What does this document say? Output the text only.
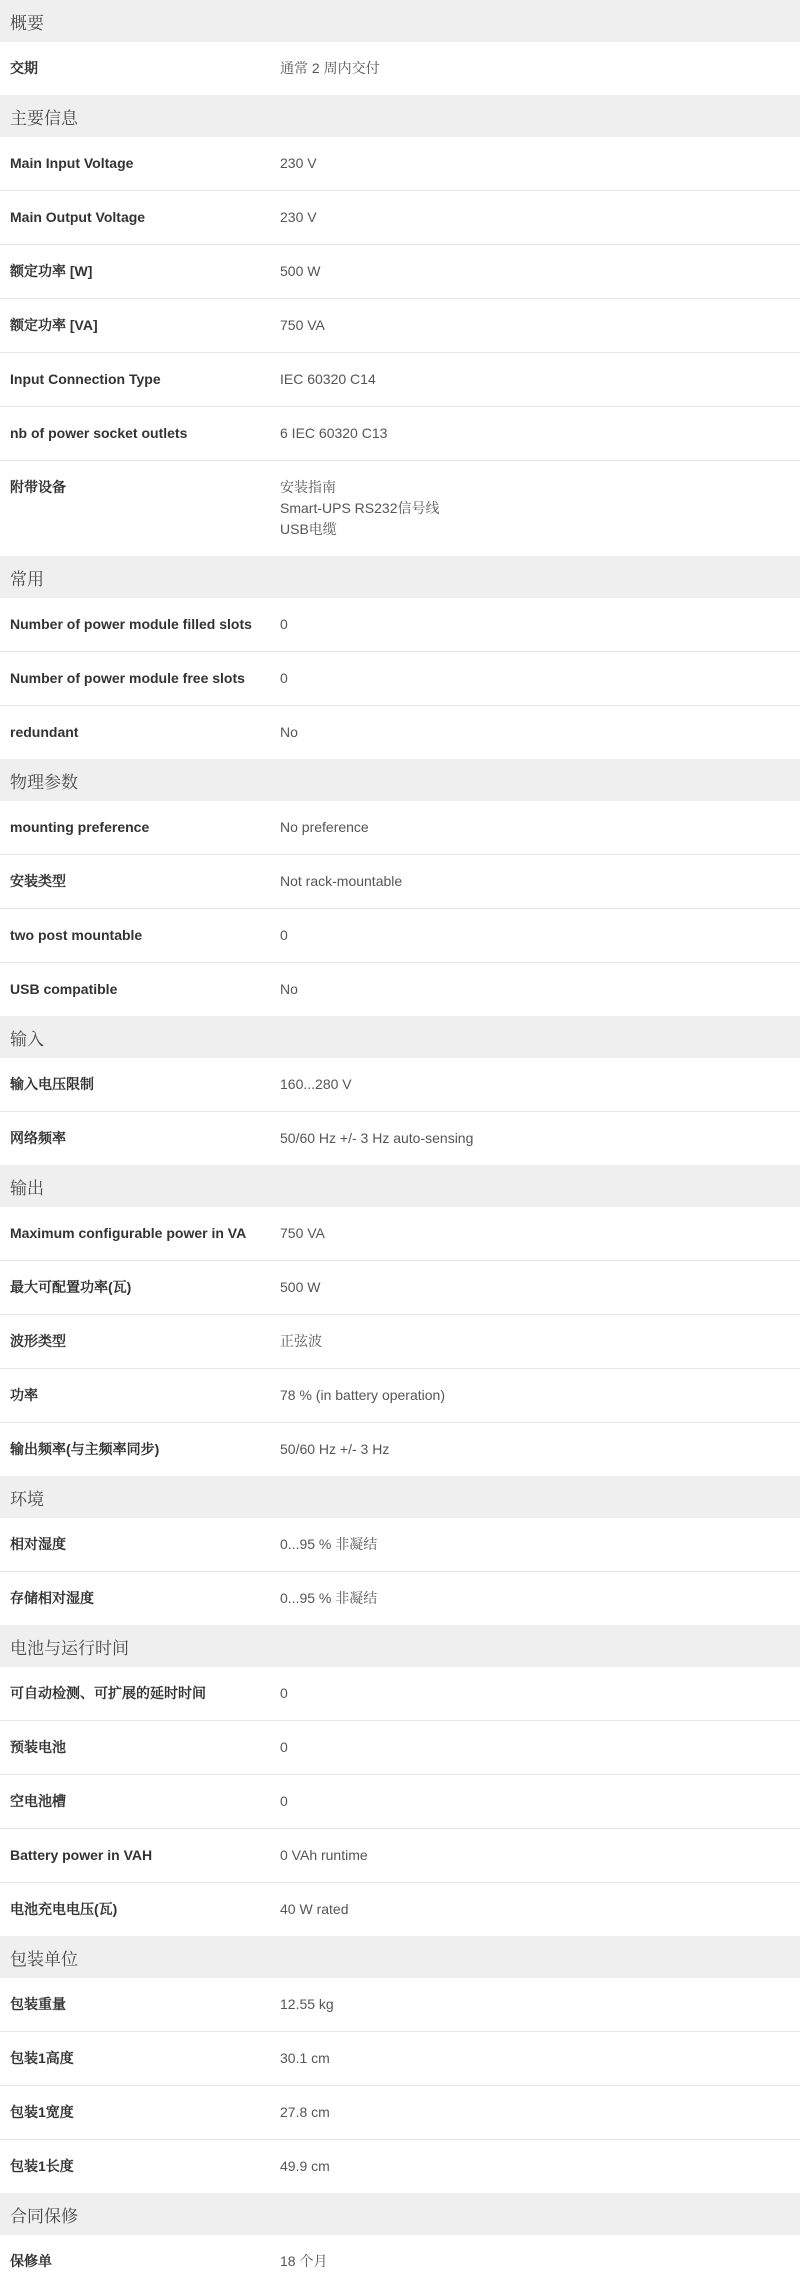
概要
交期	通常 2 周内交付
主要信息
Main Input Voltage	230 V
Main Output Voltage	230 V
额定功率 [W]	500 W
额定功率 [VA]	750 VA
Input Connection Type	IEC 60320 C14
nb of power socket outlets	6 IEC 60320 C13
附带设备	安装指南
Smart-UPS RS232信号线
USB电缆
常用
Number of power module filled slots	0
Number of power module free slots	0
redundant	No
物理参数
mounting preference	No preference
安装类型	Not rack-mountable
two post mountable	0
USB compatible	No
输入
输入电压限制	160...280 V
网络频率	50/60 Hz +/- 3 Hz auto-sensing
输出
Maximum configurable power in VA	750 VA
最大可配置功率(瓦)	500 W
波形类型	正弦波
功率	78 % (in battery operation)
输出频率(与主频率同步)	50/60 Hz +/- 3 Hz
环境
相对湿度	0...95 % 非凝结
存储相对湿度	0...95 % 非凝结
电池与运行时间
可自动检测、可扩展的延时时间	0
预装电池	0
空电池槽	0
Battery power in VAH	0 VAh runtime
电池充电电压(瓦)	40 W rated
包装单位
包装重量	12.55 kg
包装1高度	30.1 cm
包装1宽度	27.8 cm
包装1长度	49.9 cm
合同保修
保修单	18 个月
